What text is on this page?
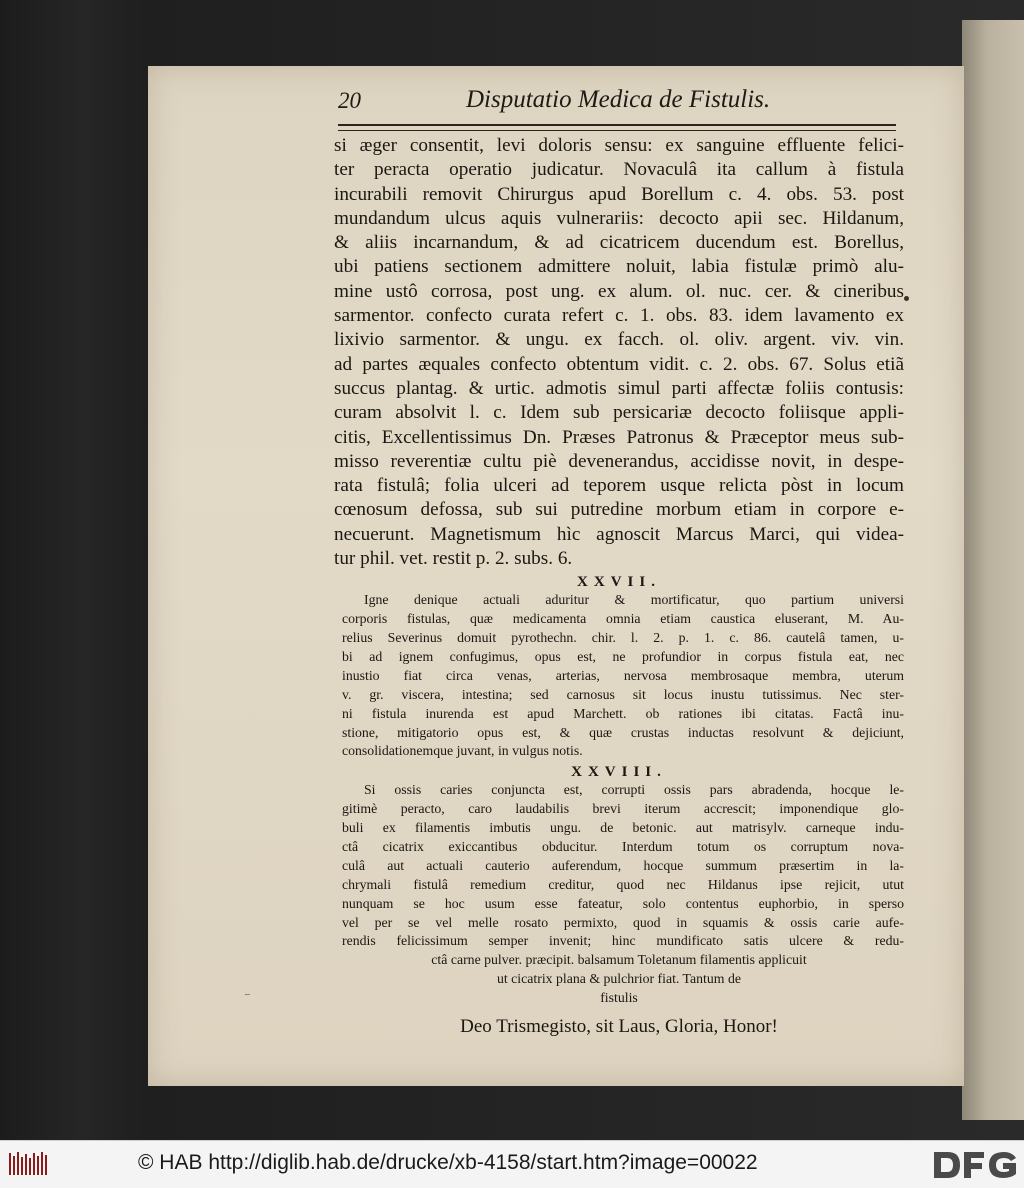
20	Disputatio Medica de Fistulis.
si æger consentit, levi doloris sensu: ex sanguine effluente felici-
ter peracta operatio judicatur. Novaculâ ita callum à fistula
incurabili removit Chirurgus apud Borellum c. 4. obs. 53. post
mundandum ulcus aquis vulnerariis: decocto apii sec. Hildanum,
& aliis incarnandum, & ad cicatricem ducendum est. Borellus,
ubi patiens sectionem admittere noluit, labia fistulæ primò alu-
mine ustô corrosa, post ung. ex alum. ol. nuc. cer. & cineribus
sarmentor. confecto curata refert c. 1. obs. 83. idem lavamento ex
lixivio sarmentor. & ungu. ex facch. ol. oliv. argent. viv. vin.
ad partes æquales confecto obtentum vidit. c. 2. obs. 67. Solus etiã
succus plantag. & urtic. admotis simul parti affectæ foliis contusis:
curam absolvit l. c. Idem sub persicariæ decocto foliisque appli-
citis, Excellentissimus Dn. Præses Patronus & Præceptor meus sub-
misso reverentiæ cultu piè devenerandus, accidisse novit, in despe-
rata fistulâ; folia ulceri ad teporem usque relicta pòst in locum
cœnosum defossa, sub sui putredine morbum etiam in corpore e-
necuerunt. Magnetismum hìc agnoscit Marcus Marci, qui videa-
tur phil. vet. restit p. 2. subs. 6.
XXVII.
Igne denique actuali aduritur & mortificatur, quo partium universi
corporis fistulas, quæ medicamenta omnia etiam caustica eluserant, M. Au-
relius Severinus domuit pyrothechn. chir. l. 2. p. 1. c. 86. cautelâ tamen, u-
bi ad ignem confugimus, opus est, ne profundior in corpus fistula eat, nec
inustio fiat circa venas, arterias, nervosa membrosaque membra, uterum
v. gr. viscera, intestina; sed carnosus sit locus inustu tutissimus. Nec ster-
ni fistula inurenda est apud Marchett. ob rationes ibi citatas. Factâ inu-
stione, mitigatorio opus est, & quæ crustas inductas resolvunt & dejiciunt,
consolidationemque juvant, in vulgus notis.
XXVIII.
Si ossis caries conjuncta est, corrupti ossis pars abradenda, hocque le-
gitimè peracto, caro laudabilis brevi iterum accrescit; imponendique glo-
buli ex filamentis imbutis ungu. de betonic. aut matrisylv. carneque indu-
ctâ cicatrix exiccantibus obducitur. Interdum totum os corruptum nova-
culâ aut actuali cauterio auferendum, hocque summum præsertim in la-
chrymali fistulâ remedium creditur, quod nec Hildanus ipse rejicit, utut
nunquam se hoc usum esse fateatur, solo contentus euphorbio, in sperso
vel per se vel melle rosato permixto, quod in squamis & ossis carie aufe-
rendis felicissimum semper invenit; hinc mundificato satis ulcere & redu-
ctâ carne pulver. præcipit. balsamum Toletanum filamentis applicuit
ut cicatrix plana & pulchrior fiat. Tantum de
fistulis
Deo Trismegisto, sit Laus, Gloria, Honor!
∽
© HAB http://diglib.hab.de/drucke/xb-4158/start.htm?image=00022
